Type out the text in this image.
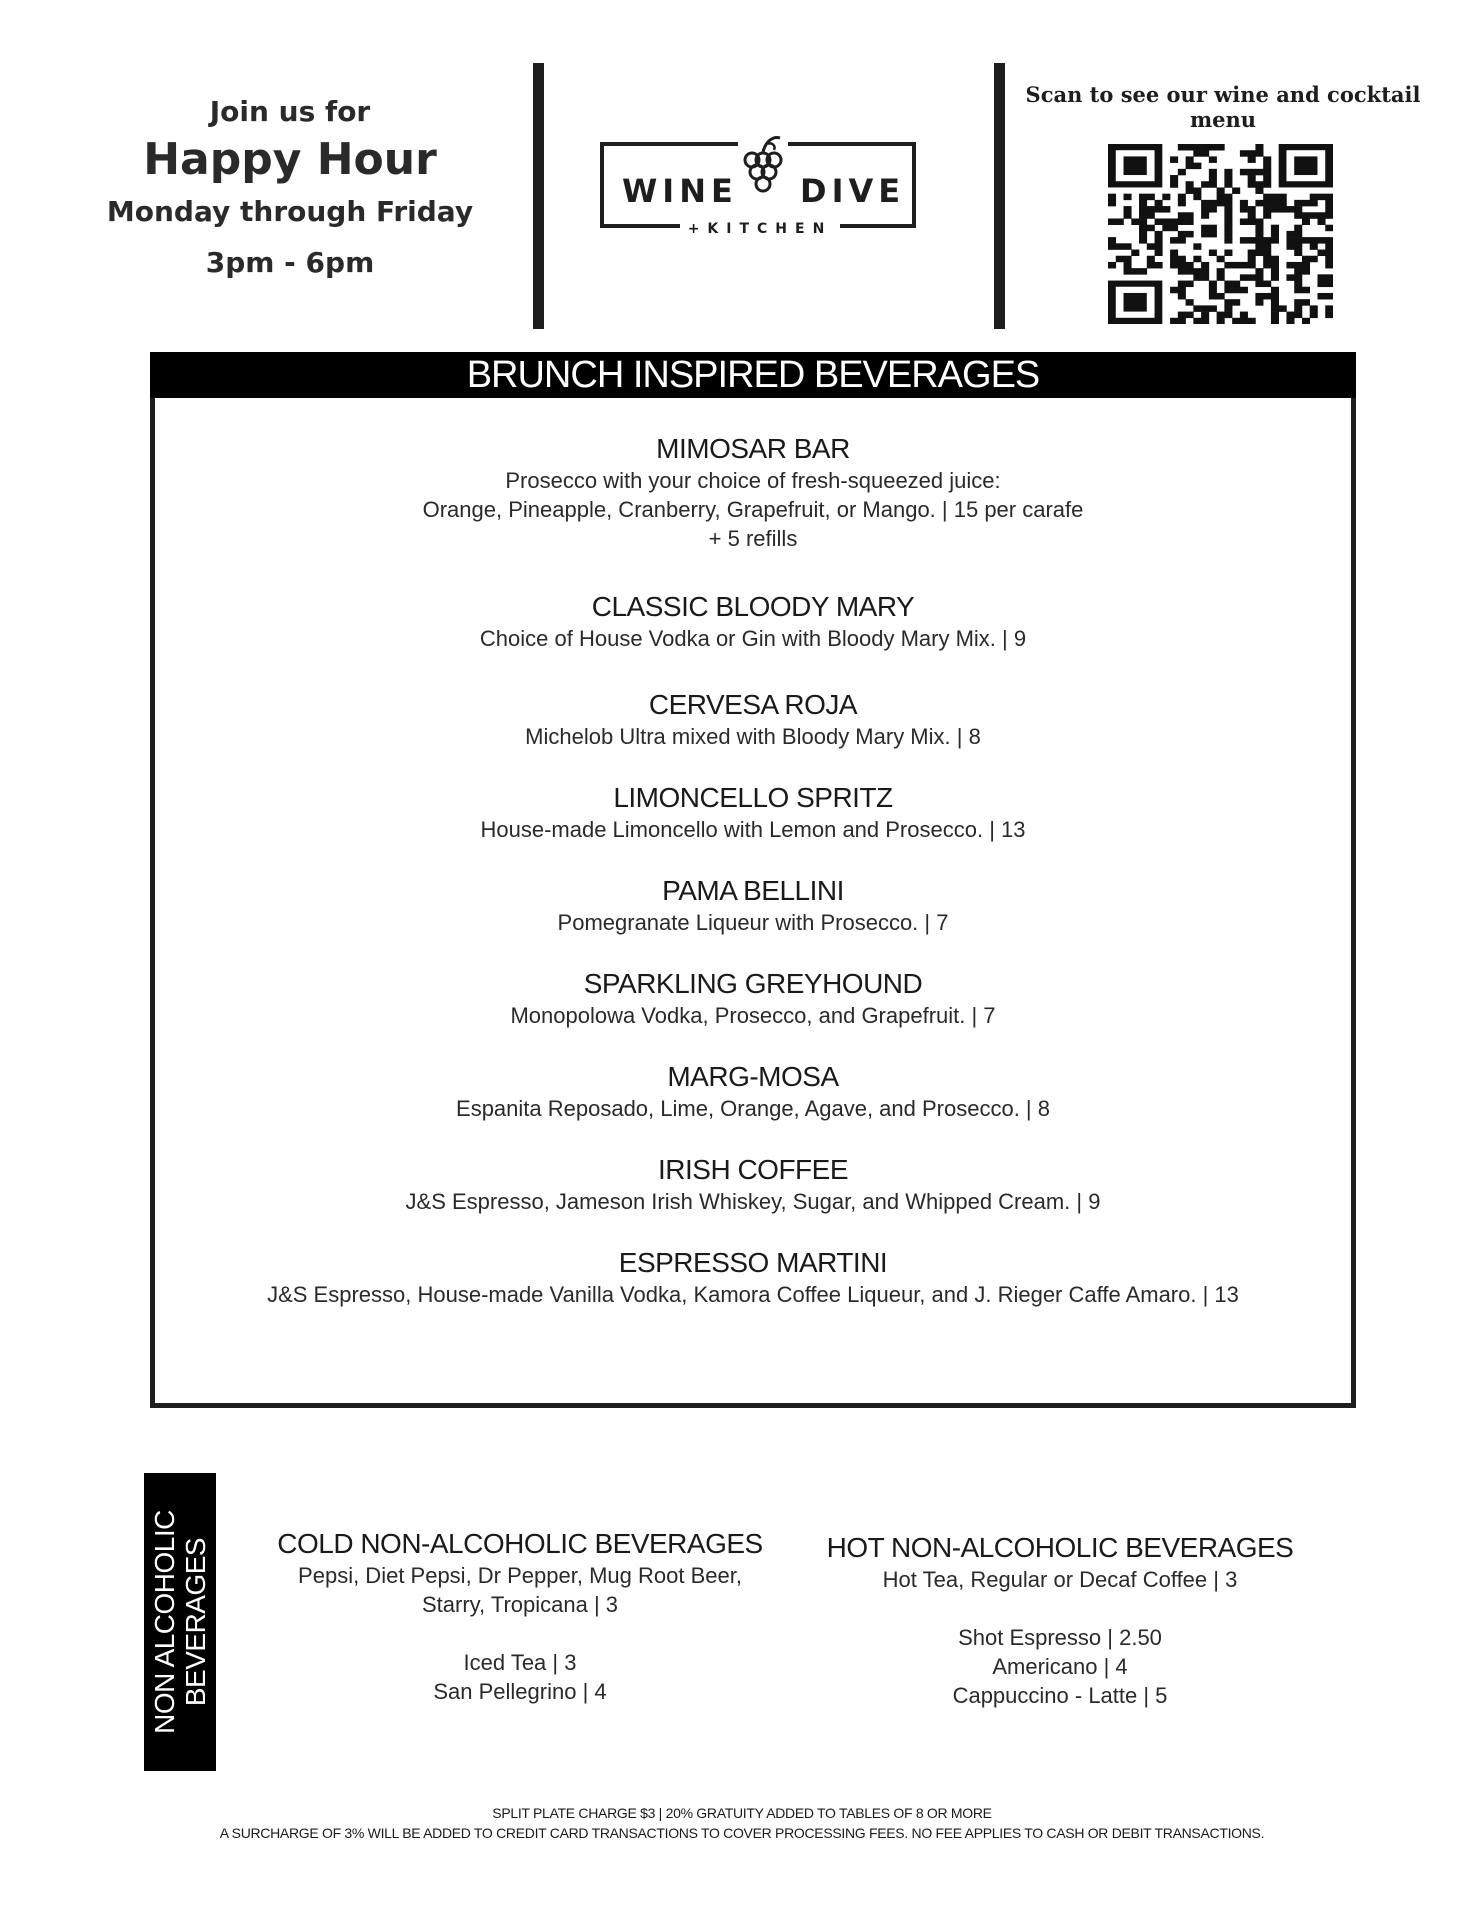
Join us for
Happy Hour
Monday through Friday
3pm - 6pm
WINE DIVE
+KITCHEN
Scan to see our wine and cocktail menu
BRUNCH INSPIRED BEVERAGES
MIMOSAR BAR
Prosecco with your choice of fresh-squeezed juice:
Orange, Pineapple, Cranberry, Grapefruit, or Mango. | 15 per carafe
+ 5 refills
CLASSIC BLOODY MARY
Choice of House Vodka or Gin with Bloody Mary Mix. | 9
CERVESA ROJA
Michelob Ultra mixed with Bloody Mary Mix. | 8
LIMONCELLO SPRITZ
House-made Limoncello with Lemon and Prosecco. | 13
PAMA BELLINI
Pomegranate Liqueur with Prosecco. | 7
SPARKLING GREYHOUND
Monopolowa Vodka, Prosecco, and Grapefruit. | 7
MARG-MOSA
Espanita Reposado, Lime, Orange, Agave, and Prosecco. | 8
IRISH COFFEE
J&S Espresso, Jameson Irish Whiskey, Sugar, and Whipped Cream. | 9
ESPRESSO MARTINI
J&S Espresso, House-made Vanilla Vodka, Kamora Coffee Liqueur, and J. Rieger Caffe Amaro. | 13
NON ALCOHOLIC BEVERAGES COLD NON-ALCOHOLIC BEVERAGES
Pepsi, Diet Pepsi, Dr Pepper, Mug Root Beer,
Starry, Tropicana | 3

Iced Tea | 3
San Pellegrino | 4
HOT NON-ALCOHOLIC BEVERAGES
Hot Tea, Regular or Decaf Coffee | 3

Shot Espresso | 2.50
Americano | 4
Cappuccino - Latte | 5
SPLIT PLATE CHARGE $3 | 20% GRATUITY ADDED TO TABLES OF 8 OR MORE
A SURCHARGE OF 3% WILL BE ADDED TO CREDIT CARD TRANSACTIONS TO COVER PROCESSING FEES. NO FEE APPLIES TO CASH OR DEBIT TRANSACTIONS.
